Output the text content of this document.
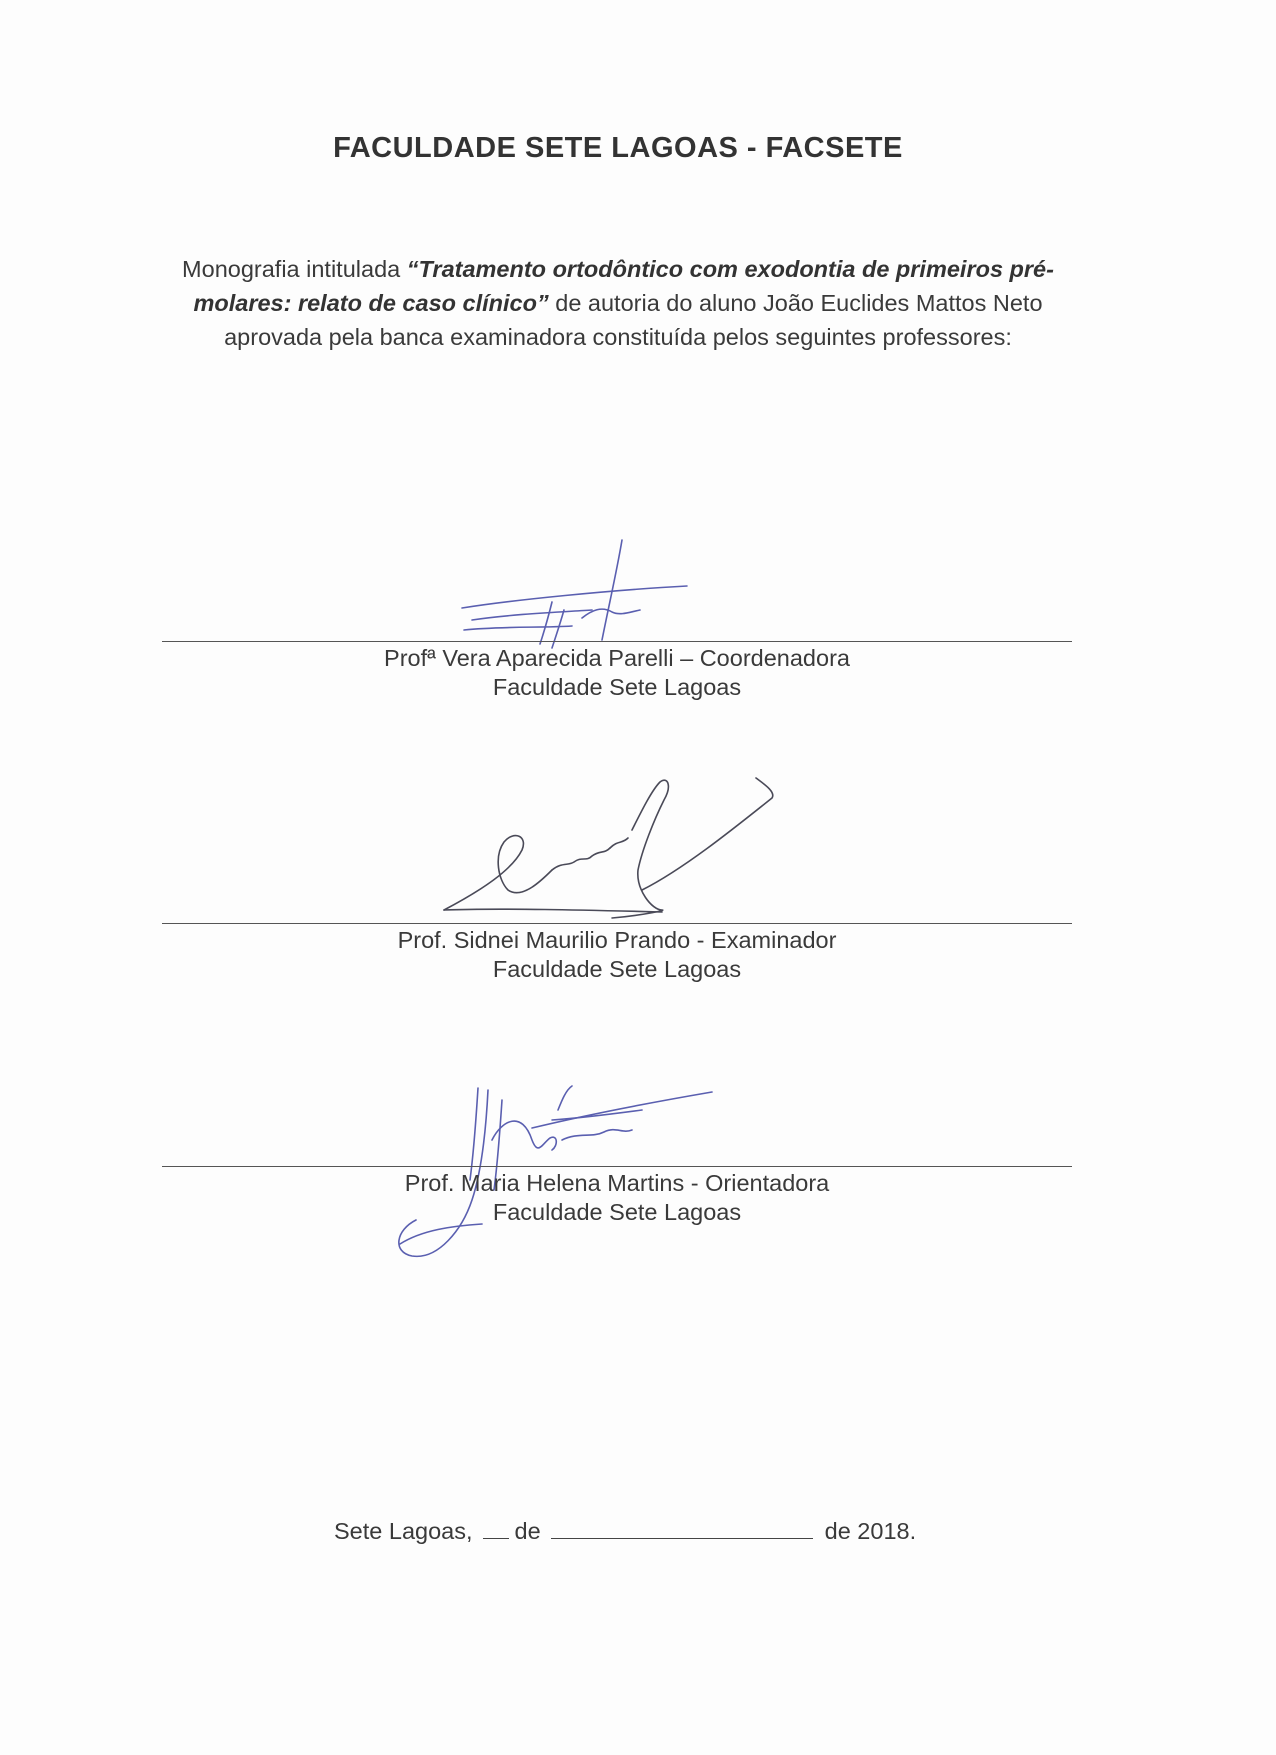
FACULDADE SETE LAGOAS - FACSETE
Monografia intitulada “Tratamento ortodôntico com exodontia de primeiros pré-molares: relato de caso clínico” de autoria do aluno João Euclides Mattos Neto aprovada pela banca examinadora constituída pelos seguintes professores:
Profª Vera Aparecida Parelli – Coordenadora
Faculdade Sete Lagoas
Prof. Sidnei Maurilio Prando - Examinador
Faculdade Sete Lagoas
Prof. Maria Helena Martins - Orientadora
Faculdade Sete Lagoas
Sete Lagoas, de	de 2018.
